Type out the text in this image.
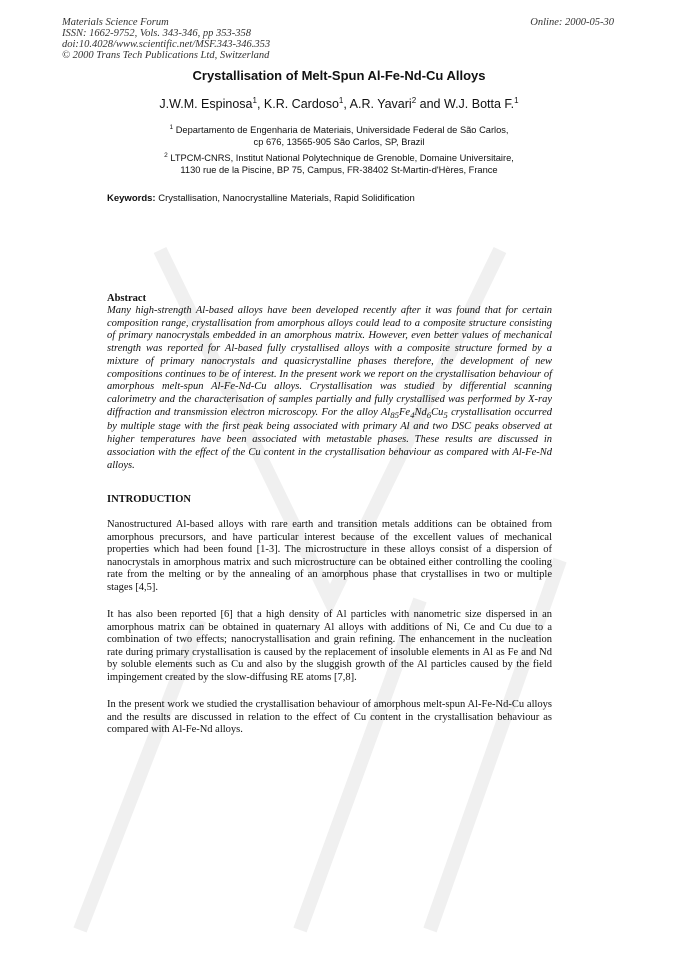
Materials Science Forum
ISSN: 1662-9752, Vols. 343-346, pp 353-358
doi:10.4028/www.scientific.net/MSF.343-346.353
© 2000 Trans Tech Publications Ltd, Switzerland
Online: 2000-05-30
Crystallisation of Melt-Spun Al-Fe-Nd-Cu Alloys
J.W.M. Espinosa$^1$, K.R. Cardoso$^1$, A.R. Yavari$^2$ and W.J. Botta F.$^1$
$^1$ Departamento de Engenharia de Materiais, Universidade Federal de São Carlos,
cp 676, 13565-905 São Carlos, SP, Brazil
$^2$ LTPCM-CNRS, Institut National Polytechnique de Grenoble, Domaine Universitaire,
1130 rue de la Piscine, BP 75, Campus, FR-38402 St-Martin-d'Hères, France
Keywords: Crystallisation, Nanocrystalline Materials, Rapid Solidification
Abstract
Many high-strength Al-based alloys have been developed recently after it was found that for certain composition range, crystallisation from amorphous alloys could lead to a composite structure consisting of primary nanocrystals embedded in an amorphous matrix. However, even better values of mechanical strength was reported for Al-based fully crystallised alloys with a composite structure formed by a mixture of primary nanocrystals and quasicrystalline phases therefore, the development of new compositions continues to be of interest. In the present work we report on the crystallisation behaviour of amorphous melt-spun Al-Fe-Nd-Cu alloys. Crystallisation was studied by differential scanning calorimetry and the characterisation of samples partially and fully crystallised was performed by X-ray diffraction and transmission electron microscopy. For the alloy $Al_{85}Fe_4Nd_6Cu_5$ crystallisation occurred by multiple stage with the first peak being associated with primary Al and two DSC peaks observed at higher temperatures have been associated with metastable phases. These results are discussed in association with the effect of the Cu content in the crystallisation behaviour as compared with Al-Fe-Nd alloys.
INTRODUCTION
Nanostructured Al-based alloys with rare earth and transition metals additions can be obtained from amorphous precursors, and have particular interest because of the excellent values of mechanical properties which had been found [1-3]. The microstructure in these alloys consist of a dispersion of nanocrystals in amorphous matrix and such microstructure can be obtained either controlling the cooling rate from the melting or by the annealing of an amorphous phase that crystallises in two or multiple stages [4,5].
It has also been reported [6] that a high density of Al particles with nanometric size dispersed in an amorphous matrix can be obtained in quaternary Al alloys with additions of Ni, Ce and Cu due to a combination of two effects; nanocrystallisation and grain refining. The enhancement in the nucleation rate during primary crystallisation is caused by the replacement of insoluble elements in Al as Fe and Nd by soluble elements such as Cu and also by the sluggish growth of the Al particles caused by the field impingement created by the slow-diffusing RE atoms [7,8].
In the present work we studied the crystallisation behaviour of amorphous melt-spun Al-Fe-Nd-Cu alloys and the results are discussed in relation to the effect of Cu content in the crystallisation behaviour as compared with Al-Fe-Nd alloys.
